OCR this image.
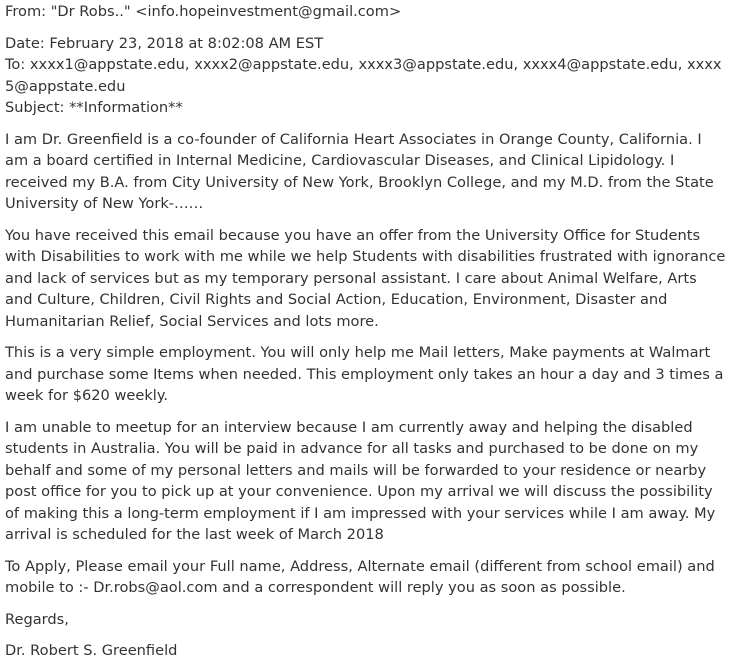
From: "Dr Robs.." <info.hopeinvestment@gmail.com>

Date: February 23, 2018 at 8:02:08 AM EST

To: xxxx1@appstate.edu, xxxx2@appstate.edu, xxxx3@appstate.edu, xxxx4@appstate.edu, xxxx5@appstate.edu

Subject: **Information**

I am Dr. Greenfield is a co-founder of California Heart Associates in Orange County, California. I am a board certified in Internal Medicine, Cardiovascular Diseases, and Clinical Lipidology. I received my B.A. from City University of New York, Brooklyn College, and my M.D. from the State University of New York-……

You have received this email because you have an offer from the University Office for Students with Disabilities to work with me while we help Students with disabilities frustrated with ignorance and lack of services but as my temporary personal assistant. I care about Animal Welfare, Arts and Culture, Children, Civil Rights and Social Action, Education, Environment, Disaster and Humanitarian Relief, Social Services and lots more.

This is a very simple employment. You will only help me Mail letters, Make payments at Walmart and purchase some Items when needed. This employment only takes an hour a day and 3 times a week for $620 weekly.

I am unable to meetup for an interview because I am currently away and helping the disabled students in Australia. You will be paid in advance for all tasks and purchased to be done on my behalf and some of my personal letters and mails will be forwarded to your residence or nearby post office for you to pick up at your convenience. Upon my arrival we will discuss the possibility of making this a long-term employment if I am impressed with your services while I am away. My arrival is scheduled for the last week of March 2018

To Apply, Please email your Full name, Address, Alternate email (different from school email) and mobile to :- Dr.robs@aol.com and a correspondent will reply you as soon as possible.

Regards,

Dr. Robert S. Greenfield
